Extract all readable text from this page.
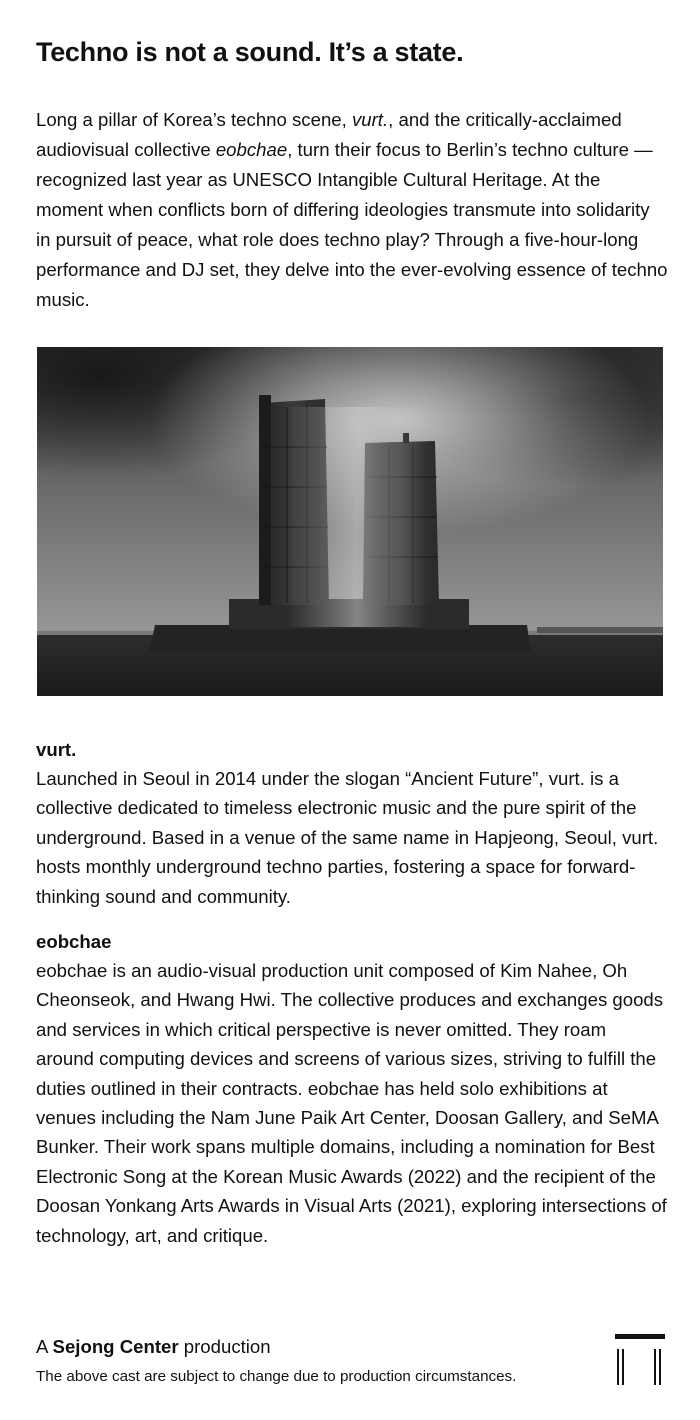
Techno is not a sound. It’s a state.

Long a pillar of Korea’s techno scene, vurt., and the critically-acclaimed audiovisual collective eobchae, turn their focus to Berlin’s techno culture — recognized last year as UNESCO Intangible Cultural Heritage. At the moment when conflicts born of differing ideologies transmute into solidarity in pursuit of peace, what role does techno play? Through a five-hour-long performance and DJ set, they delve into the ever-evolving essence of techno music.

vurt.

Launched in Seoul in 2014 under the slogan “Ancient Future”, vurt. is a collective dedicated to timeless electronic music and the pure spirit of the underground. Based in a venue of the same name in Hapjeong, Seoul, vurt. hosts monthly underground techno parties, fostering a space for forward-thinking sound and community.

eobchae

eobchae is an audio-visual production unit composed of Kim Nahee, Oh Cheonseok, and Hwang Hwi. The collective produces and exchanges goods and services in which critical perspective is never omitted. They roam around computing devices and screens of various sizes, striving to fulfill the duties outlined in their contracts. eobchae has held solo exhibitions at venues including the Nam June Paik Art Center, Doosan Gallery, and SeMA Bunker. Their work spans multiple domains, including a nomination for Best Electronic Song at the Korean Music Awards (2022) and the recipient of the Doosan Yonkang Arts Awards in Visual Arts (2021), exploring intersections of technology, art, and critique.

A Sejong Center production

The above cast are subject to change due to production circumstances.
